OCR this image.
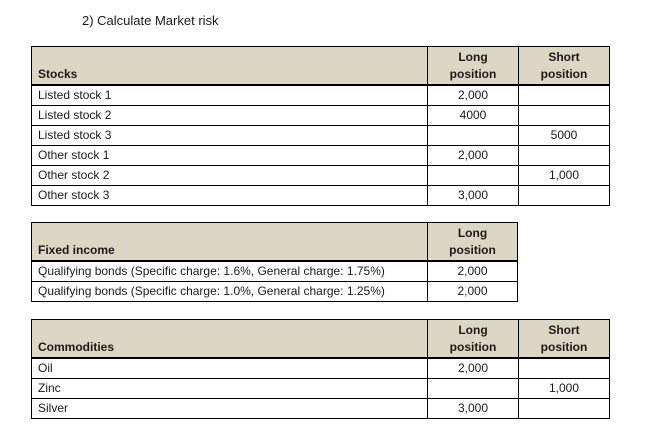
2) Calculate Market risk
Stocks	Long position	Short position
Listed stock 1	2,000	
Listed stock 2	4000	
Listed stock 3		5000
Other stock 1	2,000	
Other stock 2		1,000
Other stock 3	3,000	
Fixed income	Long position
Qualifying bonds (Specific charge: 1.6%, General charge: 1.75%)	2,000
Qualifying bonds (Specific charge: 1.0%, General charge: 1.25%)	2,000
Commodities	Long position	Short position
Oil	2,000	
Zinc		1,000
Silver	3,000	
